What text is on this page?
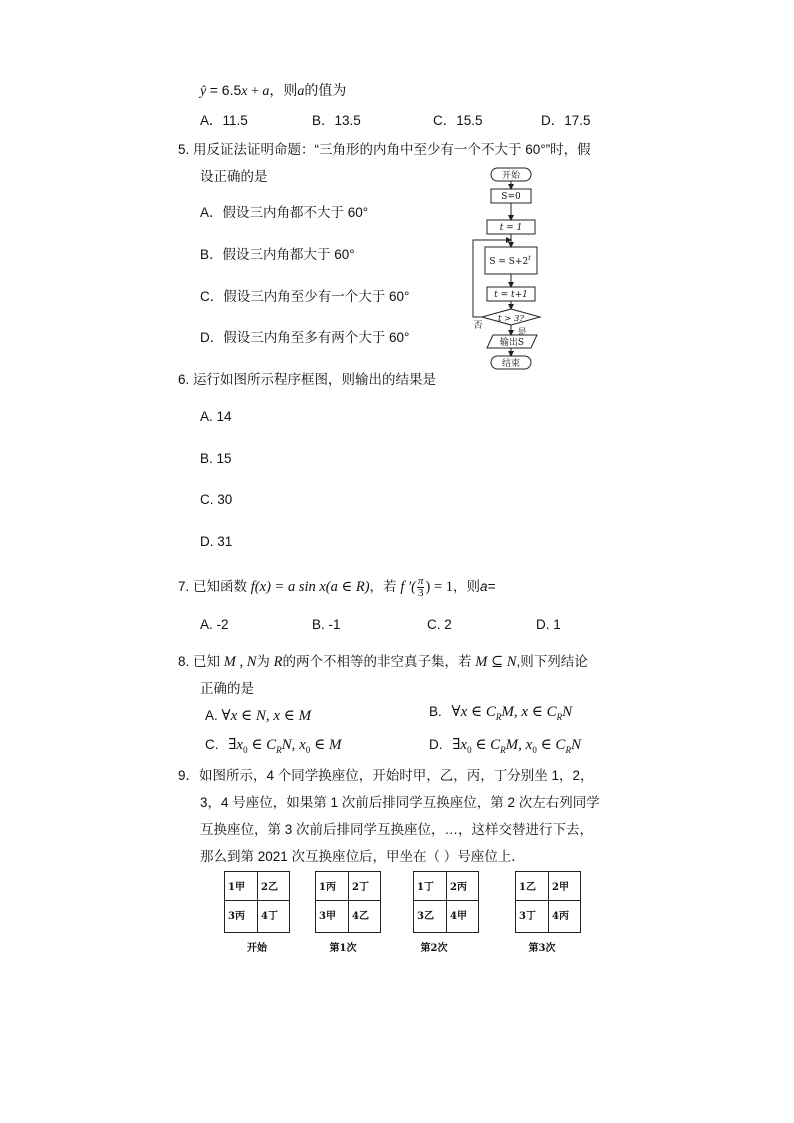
ŷ = 6.5x + a，则a的值为
A．11.5	B．13.5	C．15.5	D．17.5
5. 用反证法证明命题：“三角形的内角中至少有一个不大于 60°”时，假
设正确的是
A．假设三内角都不大于 60°
B．假设三内角都大于 60°
C．假设三内角至少有一个大于 60°
D．假设三内角至多有两个大于 60°
开始
S=0
t = 1
$S = S+2^t$
t = t+1
t > 3?
否
是
输出S
结束
6. 运行如图所示程序框图，则输出的结果是
A. 14
B. 15
C. 30
D. 31
7. 已知函数 f(x) = a sin x(a ∈ R)，若 f ′( $\frac{\pi}{3}$ ) = 1，则a=
A. -2	B. -1	C. 2	D. 1
8. 已知 M , N为 R的两个不相等的非空真子集，若 M ⊆ N,则下列结论
正确的是
A. ∀x ∈ N, x ∈ M	B. ∀x ∈ $C_RM$, x ∈ $C_RN$
C. $\exists x_0$ ∈ $C_RN$, $x_0$ ∈ M	D. $\exists x_0$ ∈ $C_RM$, $x_0$ ∈ $C_RN$
9．如图所示，4 个同学换座位，开始时甲，乙，丙，丁分别坐 1，2，
3，4 号座位，如果第 1 次前后排同学互换座位，第 2 次左右列同学
互换座位，第 3 次前后排同学互换座位，…，这样交替进行下去，
那么到第 2021 次互换座位后，甲坐在（ ）号座位上．
1甲 2乙
3丙 4丁
开始
1丙 2丁
3甲 4乙
第1次
1丁 2丙
3乙 4甲
第2次
1乙 2甲
3丁 4丙
第3次
